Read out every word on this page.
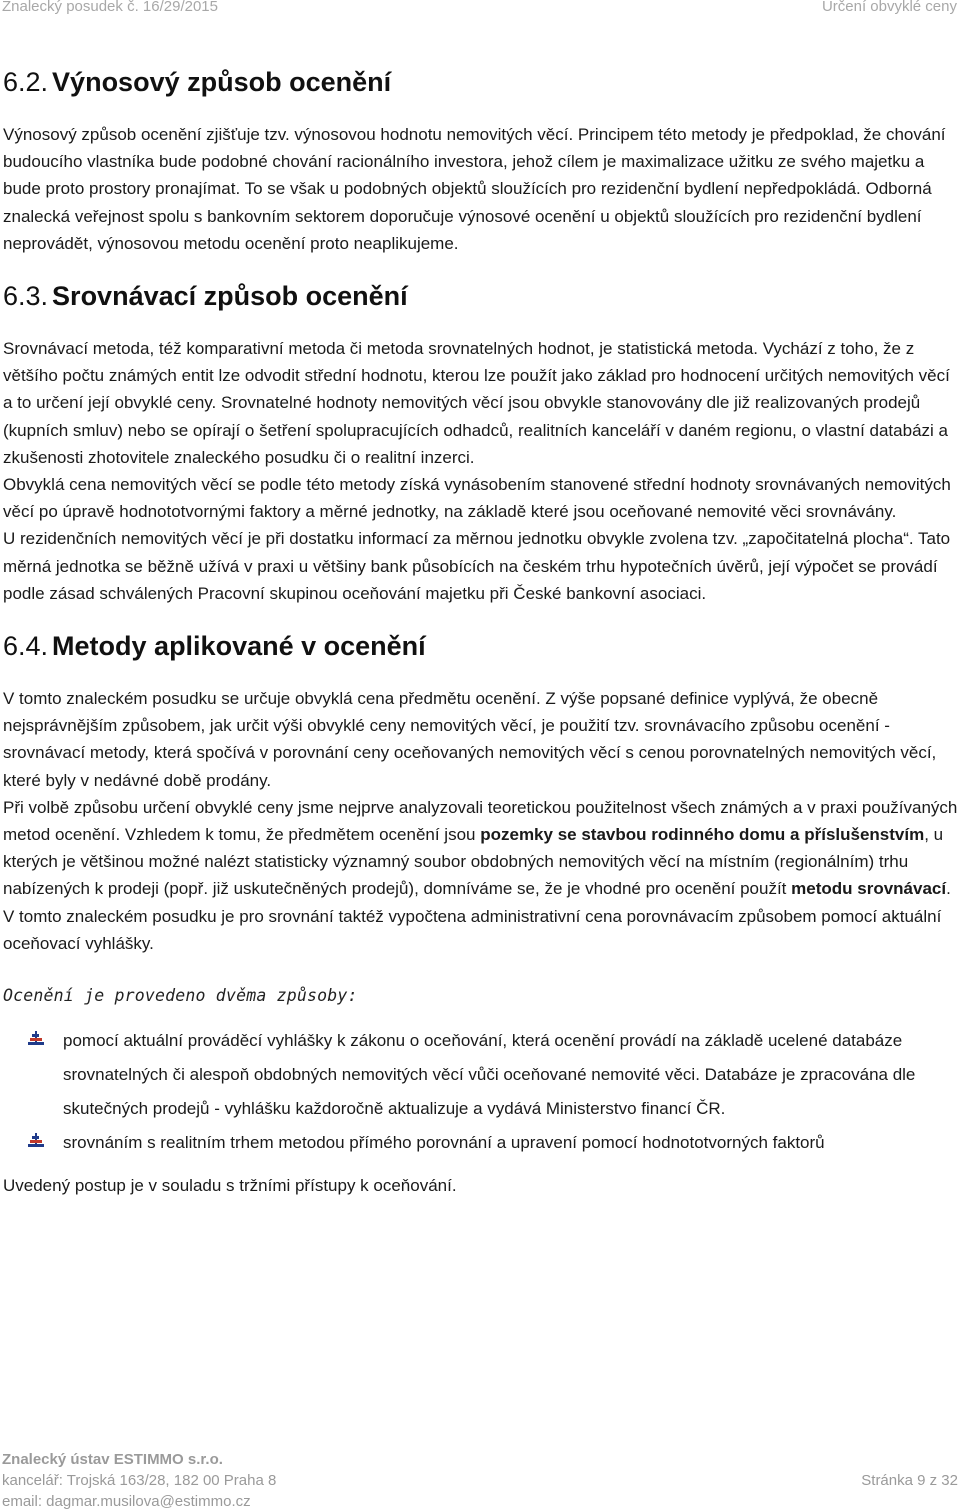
Znalecký posudek č. 16/29/2015	Určení obvyklé ceny
6.2. Výnosový způsob ocenění

Výnosový způsob ocenění zjišťuje tzv. výnosovou hodnotu nemovitých věcí. Principem této metody je předpoklad, že chování budoucího vlastníka bude podobné chování racionálního investora, jehož cílem je maximalizace užitku ze svého majetku a bude proto prostory pronajímat. To se však u podobných objektů sloužících pro rezidenční bydlení nepředpokládá. Odborná znalecká veřejnost spolu s bankovním sektorem doporučuje výnosové ocenění u objektů sloužících pro rezidenční bydlení neprovádět, výnosovou metodu ocenění proto neaplikujeme.

6.3. Srovnávací způsob ocenění

Srovnávací metoda, též komparativní metoda či metoda srovnatelných hodnot, je statistická metoda. Vychází z toho, že z většího počtu známých entit lze odvodit střední hodnotu, kterou lze použít jako základ pro hodnocení určitých nemovitých věcí a to určení její obvyklé ceny. Srovnatelné hodnoty nemovitých věcí jsou obvykle stanovovány dle již realizovaných prodejů (kupních smluv) nebo se opírají o šetření spolupracujících odhadců, realitních kanceláří v daném regionu, o vlastní databázi a zkušenosti zhotovitele znaleckého posudku či o realitní inzerci.

Obvyklá cena nemovitých věcí se podle této metody získá vynásobením stanovené střední hodnoty srovnávaných nemovitých věcí po úpravě hodnototvornými faktory a měrné jednotky, na základě které jsou oceňované nemovité věci srovnávány.

U rezidenčních nemovitých věcí je při dostatku informací za měrnou jednotku obvykle zvolena tzv. „započitatelná plocha“. Tato měrná jednotka se běžně užívá v praxi u většiny bank působících na českém trhu hypotečních úvěrů, její výpočet se provádí podle zásad schválených Pracovní skupinou oceňování majetku při České bankovní asociaci.

6.4. Metody aplikované v ocenění

V tomto znaleckém posudku se určuje obvyklá cena předmětu ocenění. Z výše popsané definice vyplývá, že obecně nejsprávnějším způsobem, jak určit výši obvyklé ceny nemovitých věcí, je použití tzv. srovnávacího způsobu ocenění - srovnávací metody, která spočívá v porovnání ceny oceňovaných nemovitých věcí s cenou porovnatelných nemovitých věcí, které byly v nedávné době prodány.

Při volbě způsobu určení obvyklé ceny jsme nejprve analyzovali teoretickou použitelnost všech známých a v praxi používaných metod ocenění. Vzhledem k tomu, že předmětem ocenění jsou pozemky se stavbou rodinného domu a příslušenstvím, u kterých je většinou možné nalézt statisticky významný soubor obdobných nemovitých věcí na místním (regionálním) trhu nabízených k prodeji (popř. již uskutečněných prodejů), domníváme se, že je vhodné pro ocenění použít metodu srovnávací.

V tomto znaleckém posudku je pro srovnání taktéž vypočtena administrativní cena porovnávacím způsobem pomocí aktuální oceňovací vyhlášky.

Ocenění je provedeno dvěma způsoby:
pomocí aktuální prováděcí vyhlášky k zákonu o oceňování, která ocenění provádí na základě ucelené databáze srovnatelných či alespoň obdobných nemovitých věcí vůči oceňované nemovité věci. Databáze je zpracována dle skutečných prodejů - vyhlášku každoročně aktualizuje a vydává Ministerstvo financí ČR.
srovnáním s realitním trhem metodou přímého porovnání a upravení pomocí hodnototvorných faktorů

Uvedený postup je v souladu s tržními přístupy k oceňování.

Znalecký ústav ESTIMMO s.r.o.
kancelář: Trojská 163/28, 182 00 Praha 8
email: dagmar.musilova@estimmo.cz
Stránka 9 z 32
